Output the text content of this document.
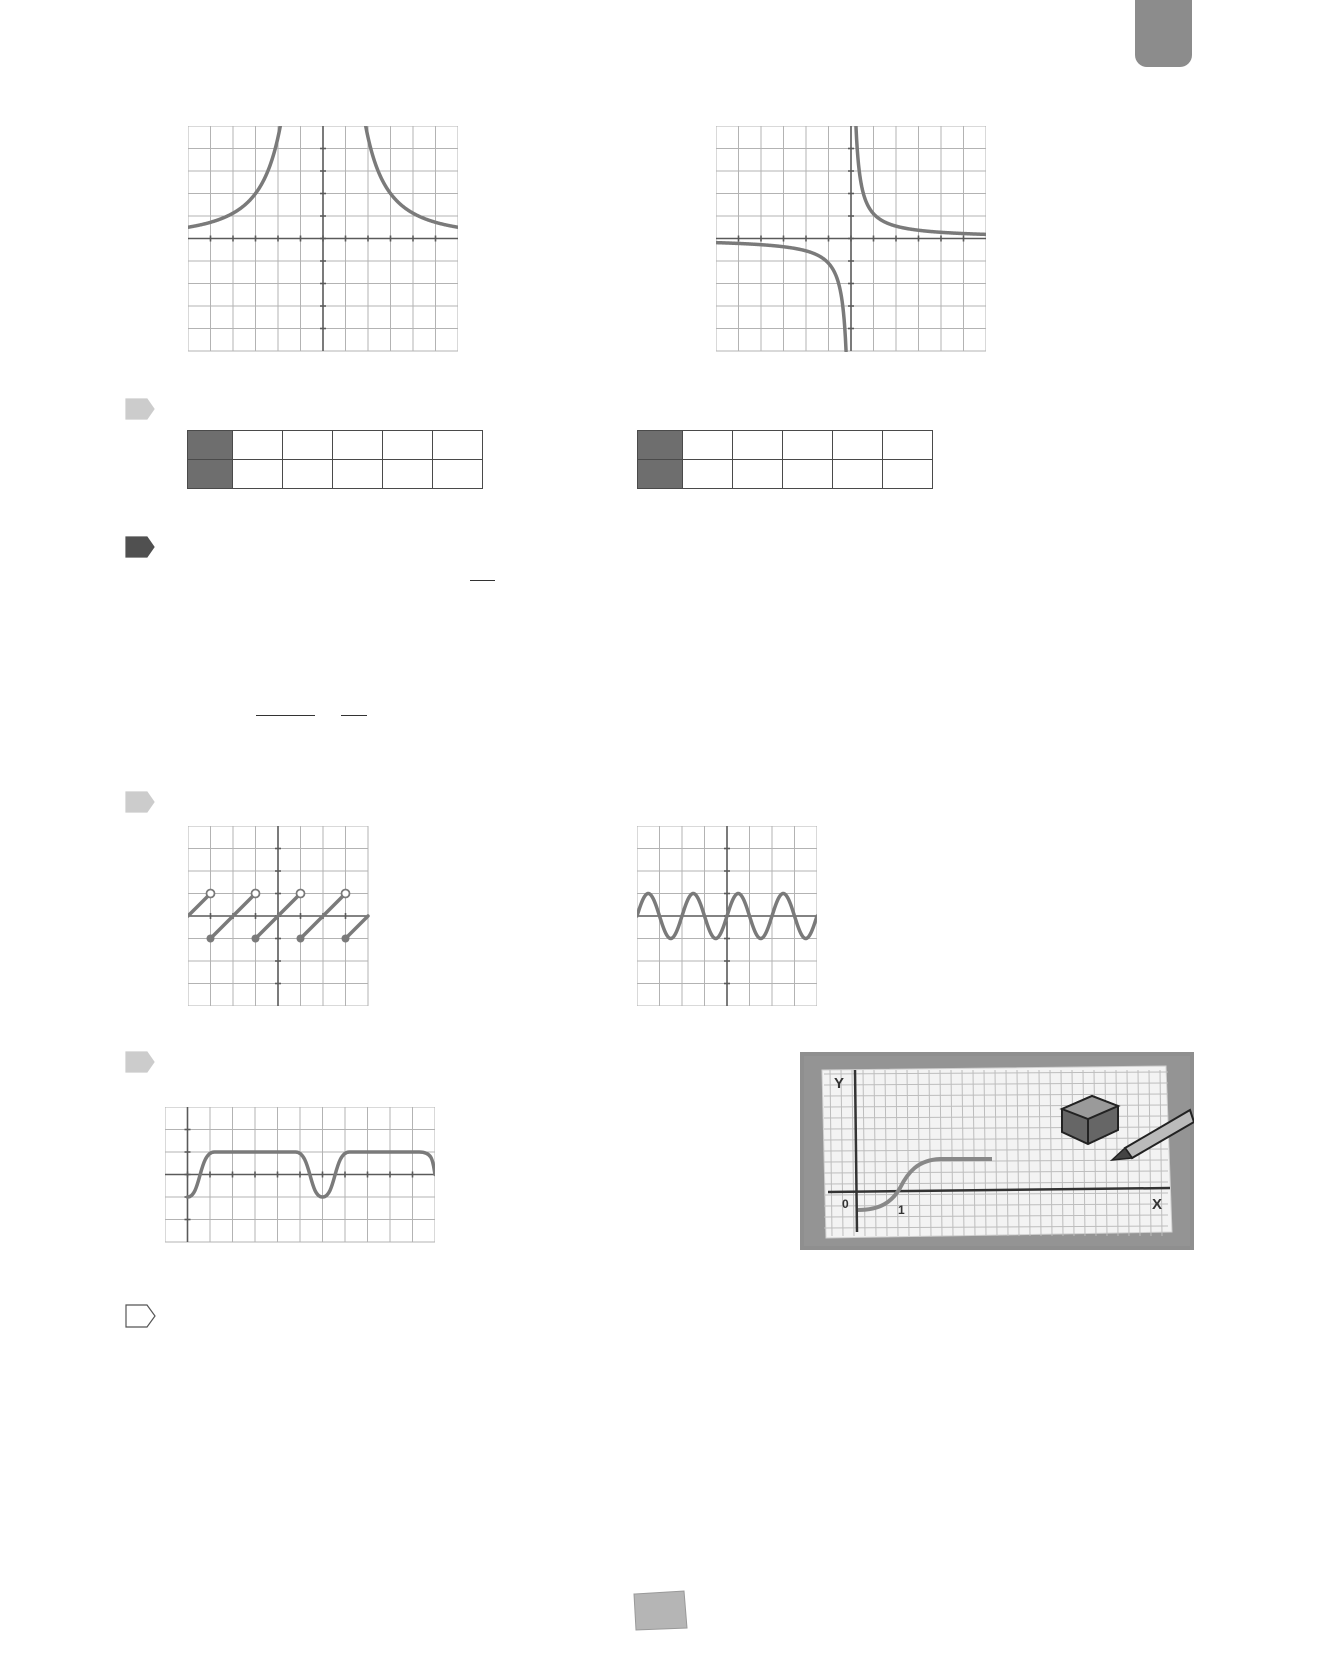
Y
X
0	1
